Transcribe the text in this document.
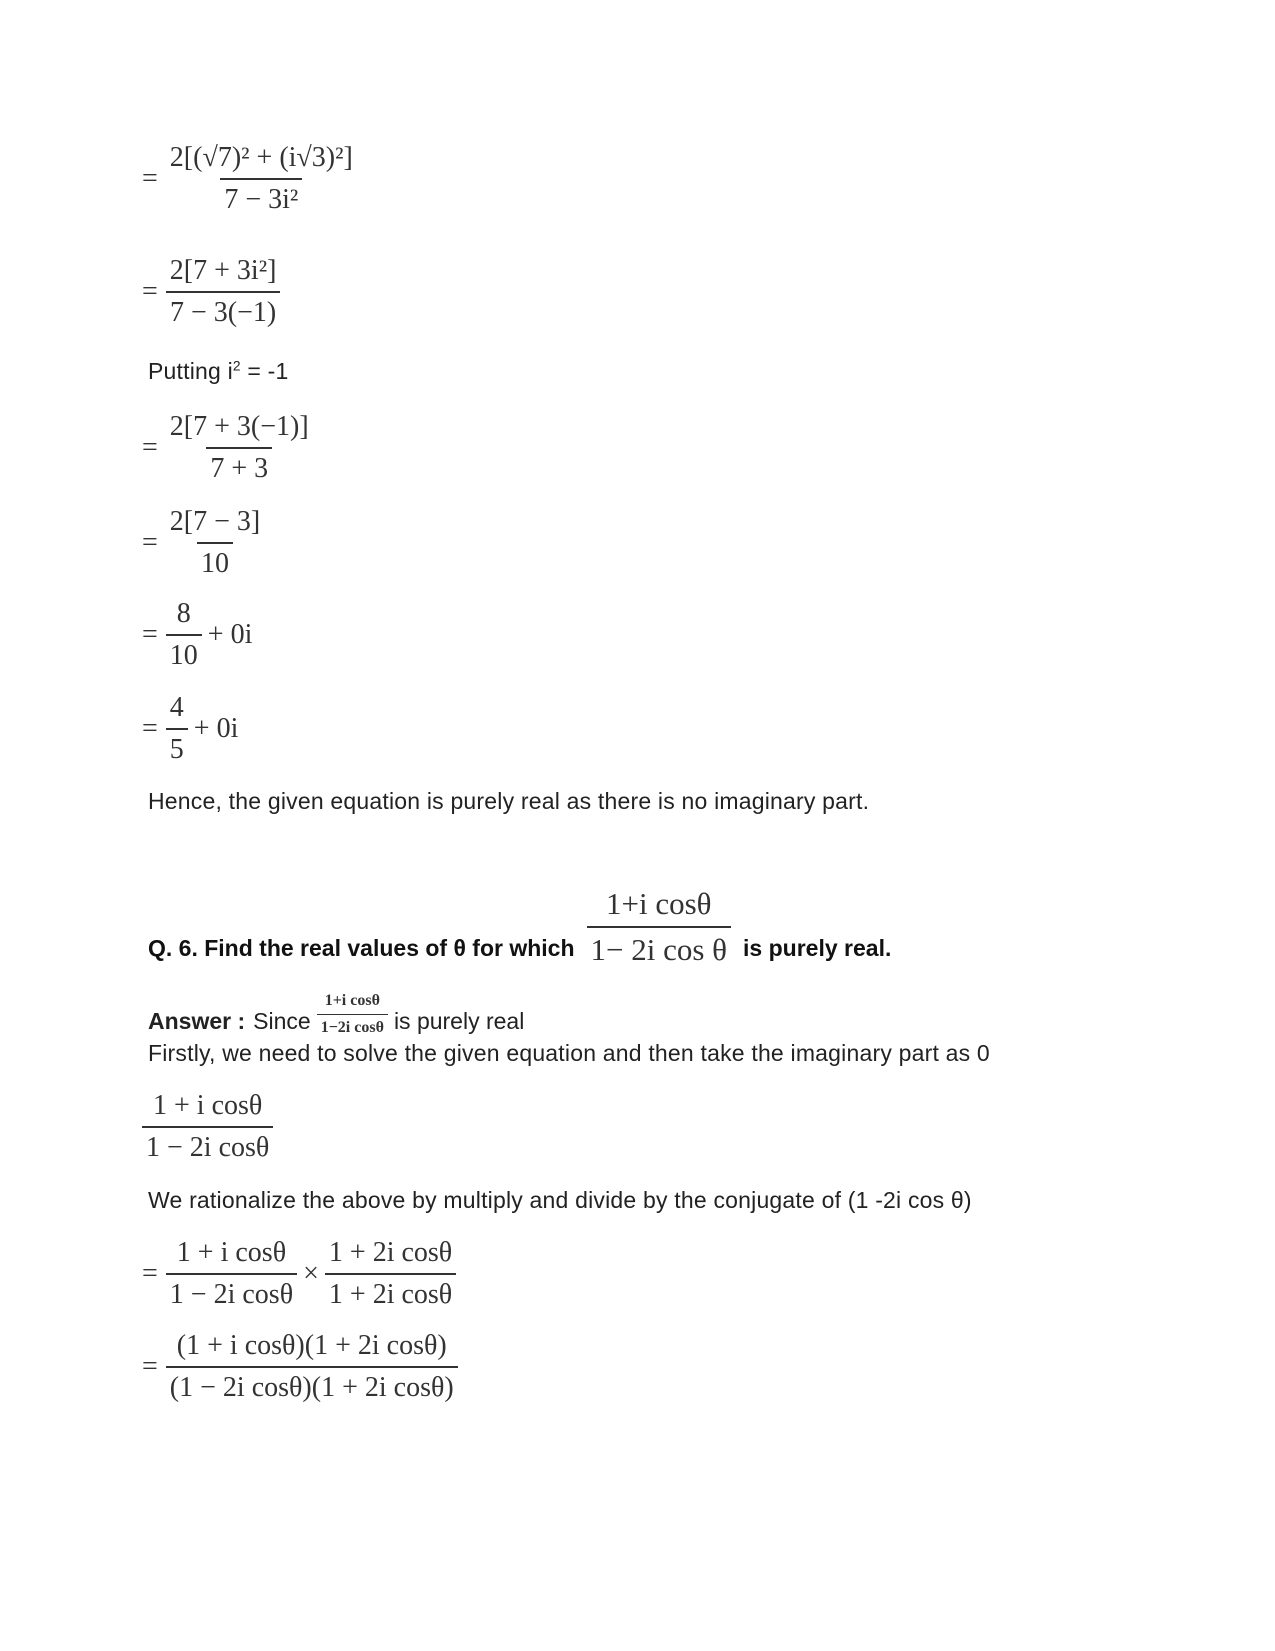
= $\frac{\text{2[(√7)² + (i√3)²]}}{\text{7 − 3i²}}$
= $\frac{\text{2[7 + 3i²]}}{7 - 3(-1)}$
Putting $i^2 = -1$
= $\frac{2[7 + 3(-1)]}{7 + 3}$
= $\frac{2[7 - 3]}{10}$
= $\frac{8}{10} + 0i$
= $\frac{4}{5} + 0i$
Hence, the given equation is purely real as there is no imaginary part.
Q. 6. Find the real values of θ for which $\frac{\text{1+i cosθ}}{\text{1− 2i cos θ}}$ is purely real.
Answer : Since $\frac{\text{1+i cosθ}}{\text{1−2i cosθ}}$ is purely real
Firstly, we need to solve the given equation and then take the imaginary part as 0
$\frac{\text{1 + i cosθ}}{\text{1 − 2i cosθ}}$
We rationalize the above by multiply and divide by the conjugate of (1 -2i cos θ)
= $\frac{\text{1 + i cosθ}}{\text{1 − 2i cosθ}} \times \frac{\text{1 + 2i cosθ}}{\text{1 + 2i cosθ}}$
= $\frac{\text{(1 + i cosθ)(1 + 2i cosθ)}}{\text{(1 − 2i cosθ)(1 + 2i cosθ)}}$
